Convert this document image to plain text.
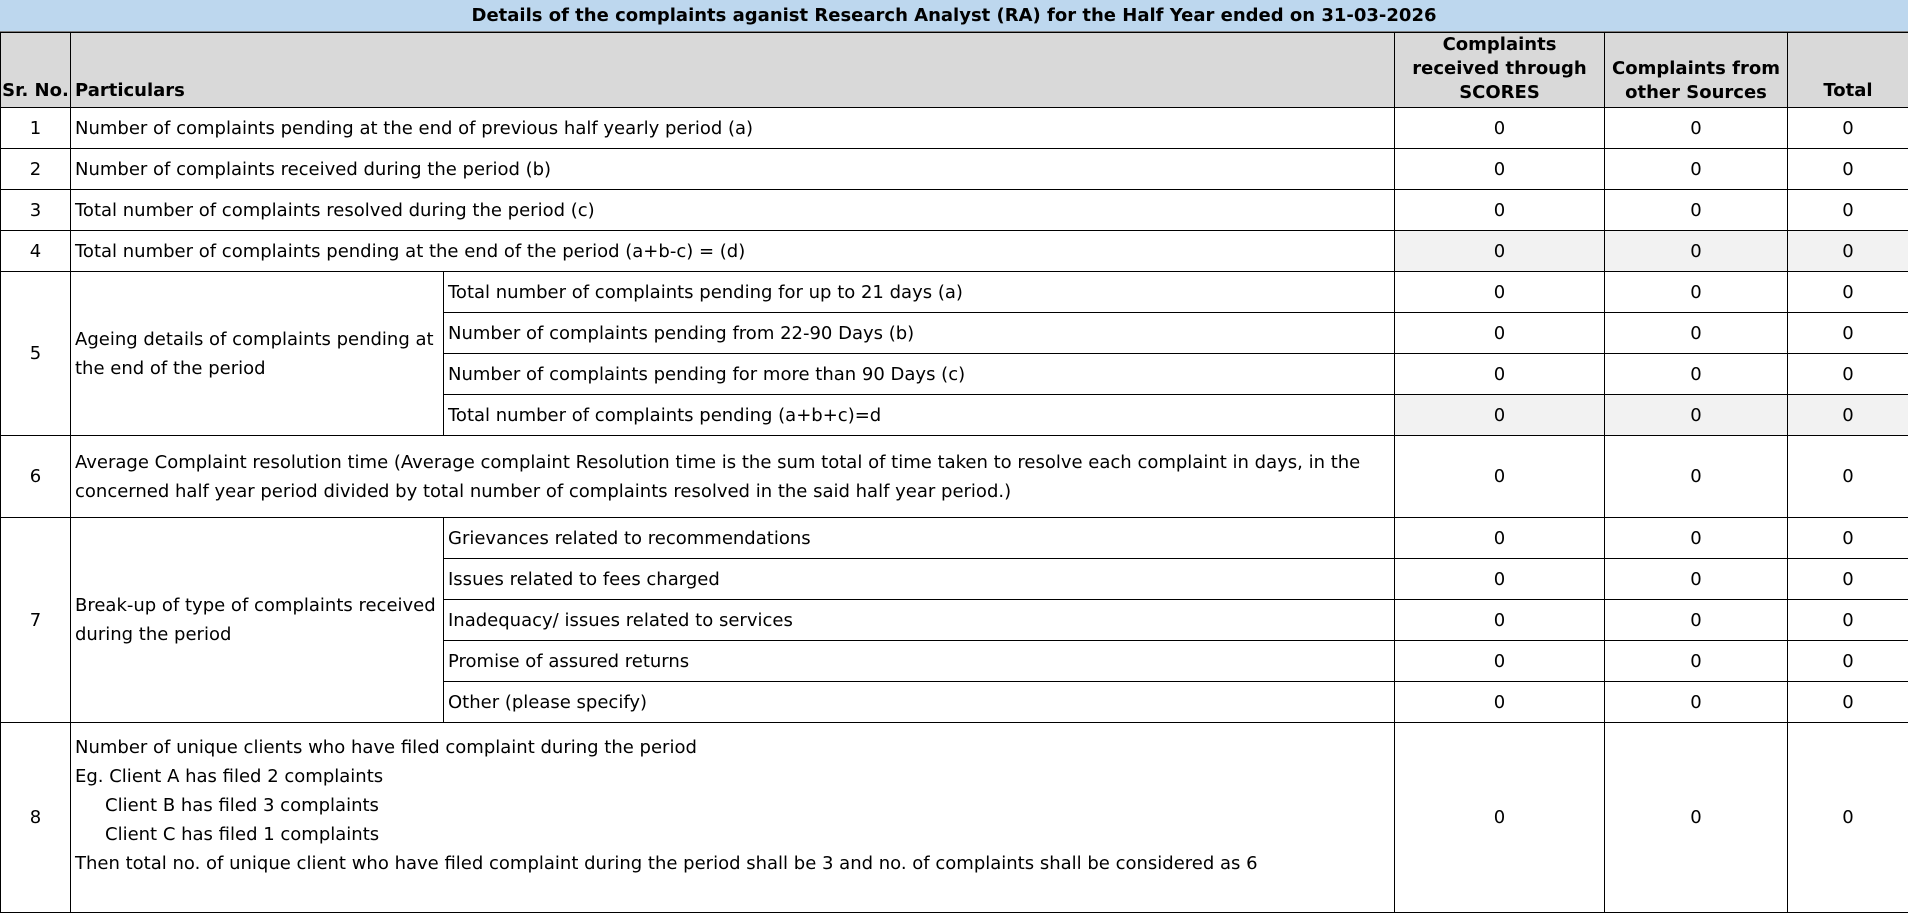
Details of the complaints aganist Research Analyst (RA) for the Half Year ended on 31-03-2026
Sr. No.	Particulars		Complaints received through SCORES	Complaints from other Sources	Total
1	Number of complaints pending at the end of previous half yearly period (a)		0	0	0
2	Number of complaints received during the period (b)		0	0	0
3	Total number of complaints resolved during the period (c)		0	0	0
4	Total number of complaints pending at the end of the period (a+b-c) = (d)		0	0	0
5	Ageing details of complaints pending at the end of the period	Total number of complaints pending for up to 21 days (a)	0	0	0
		Number of complaints pending from 22-90 Days (b)	0	0	0
		Number of complaints pending for more than 90 Days (c)	0	0	0
		Total number of complaints pending (a+b+c)=d	0	0	0
6	Average Complaint resolution time (Average complaint Resolution time is the sum total of time taken to resolve each complaint in days, in the concerned half year period divided by total number of complaints resolved in the said half year period.)		0	0	0
7	Break-up of type of complaints received during the period	Grievances related to recommendations	0	0	0
		Issues related to fees charged	0	0	0
		Inadequacy/ issues related to services	0	0	0
		Promise of assured returns	0	0	0
		Other (please specify)	0	0	0
8	Number of unique clients who have filed complaint during the period
Eg. Client A has filed 2 complaints
Client B has filed 3 complaints
Client C has filed 1 complaints
Then total no. of unique client who have filed complaint during the period shall be 3 and no. of complaints shall be considered as 6		0	0	0
